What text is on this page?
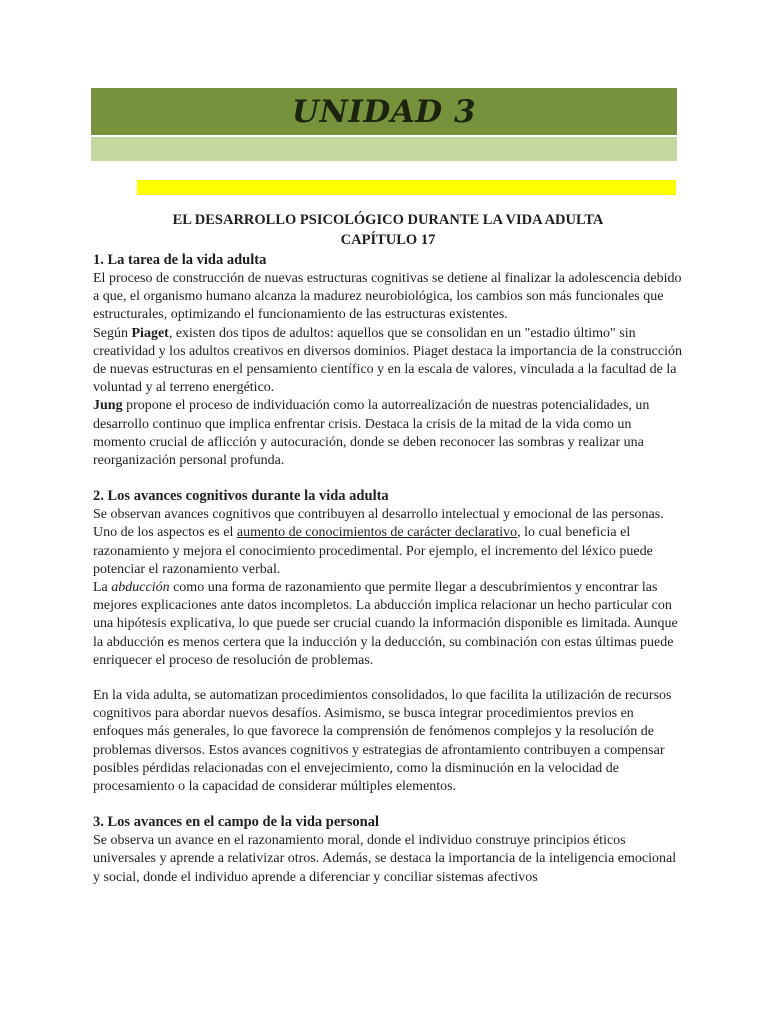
UNIDAD 3
EL DESARROLLO PSICOLÓGICO DURANTE LA VIDA ADULTA
CAPÍTULO 17
1. La tarea de la vida adulta

El proceso de construcción de nuevas estructuras cognitivas se detiene al finalizar la adolescencia debido a que, el organismo humano alcanza la madurez neurobiológica, los cambios son más funcionales que estructurales, optimizando el funcionamiento de las estructuras existentes.

Según Piaget, existen dos tipos de adultos: aquellos que se consolidan en un "estadio último" sin creatividad y los adultos creativos en diversos dominios. Piaget destaca la importancia de la construcción de nuevas estructuras en el pensamiento científico y en la escala de valores, vinculada a la facultad de la voluntad y al terreno energético.

Jung propone el proceso de individuación como la autorrealización de nuestras potencialidades, un desarrollo continuo que implica enfrentar crisis. Destaca la crisis de la mitad de la vida como un momento crucial de aflicción y autocuración, donde se deben reconocer las sombras y realizar una reorganización personal profunda.

2. Los avances cognitivos durante la vida adulta

Se observan avances cognitivos que contribuyen al desarrollo intelectual y emocional de las personas. Uno de los aspectos es el aumento de conocimientos de carácter declarativo, lo cual beneficia el razonamiento y mejora el conocimiento procedimental. Por ejemplo, el incremento del léxico puede potenciar el razonamiento verbal.

La abducción como una forma de razonamiento que permite llegar a descubrimientos y encontrar las mejores explicaciones ante datos incompletos. La abducción implica relacionar un hecho particular con una hipótesis explicativa, lo que puede ser crucial cuando la información disponible es limitada. Aunque la abducción es menos certera que la inducción y la deducción, su combinación con estas últimas puede enriquecer el proceso de resolución de problemas.

En la vida adulta, se automatizan procedimientos consolidados, lo que facilita la utilización de recursos cognitivos para abordar nuevos desafíos. Asimismo, se busca integrar procedimientos previos en enfoques más generales, lo que favorece la comprensión de fenómenos complejos y la resolución de problemas diversos. Estos avances cognitivos y estrategias de afrontamiento contribuyen a compensar posibles pérdidas relacionadas con el envejecimiento, como la disminución en la velocidad de procesamiento o la capacidad de considerar múltiples elementos.

3. Los avances en el campo de la vida personal

Se observa un avance en el razonamiento moral, donde el individuo construye principios éticos universales y aprende a relativizar otros. Además, se destaca la importancia de la inteligencia emocional y social, donde el individuo aprende a diferenciar y conciliar sistemas afectivos
